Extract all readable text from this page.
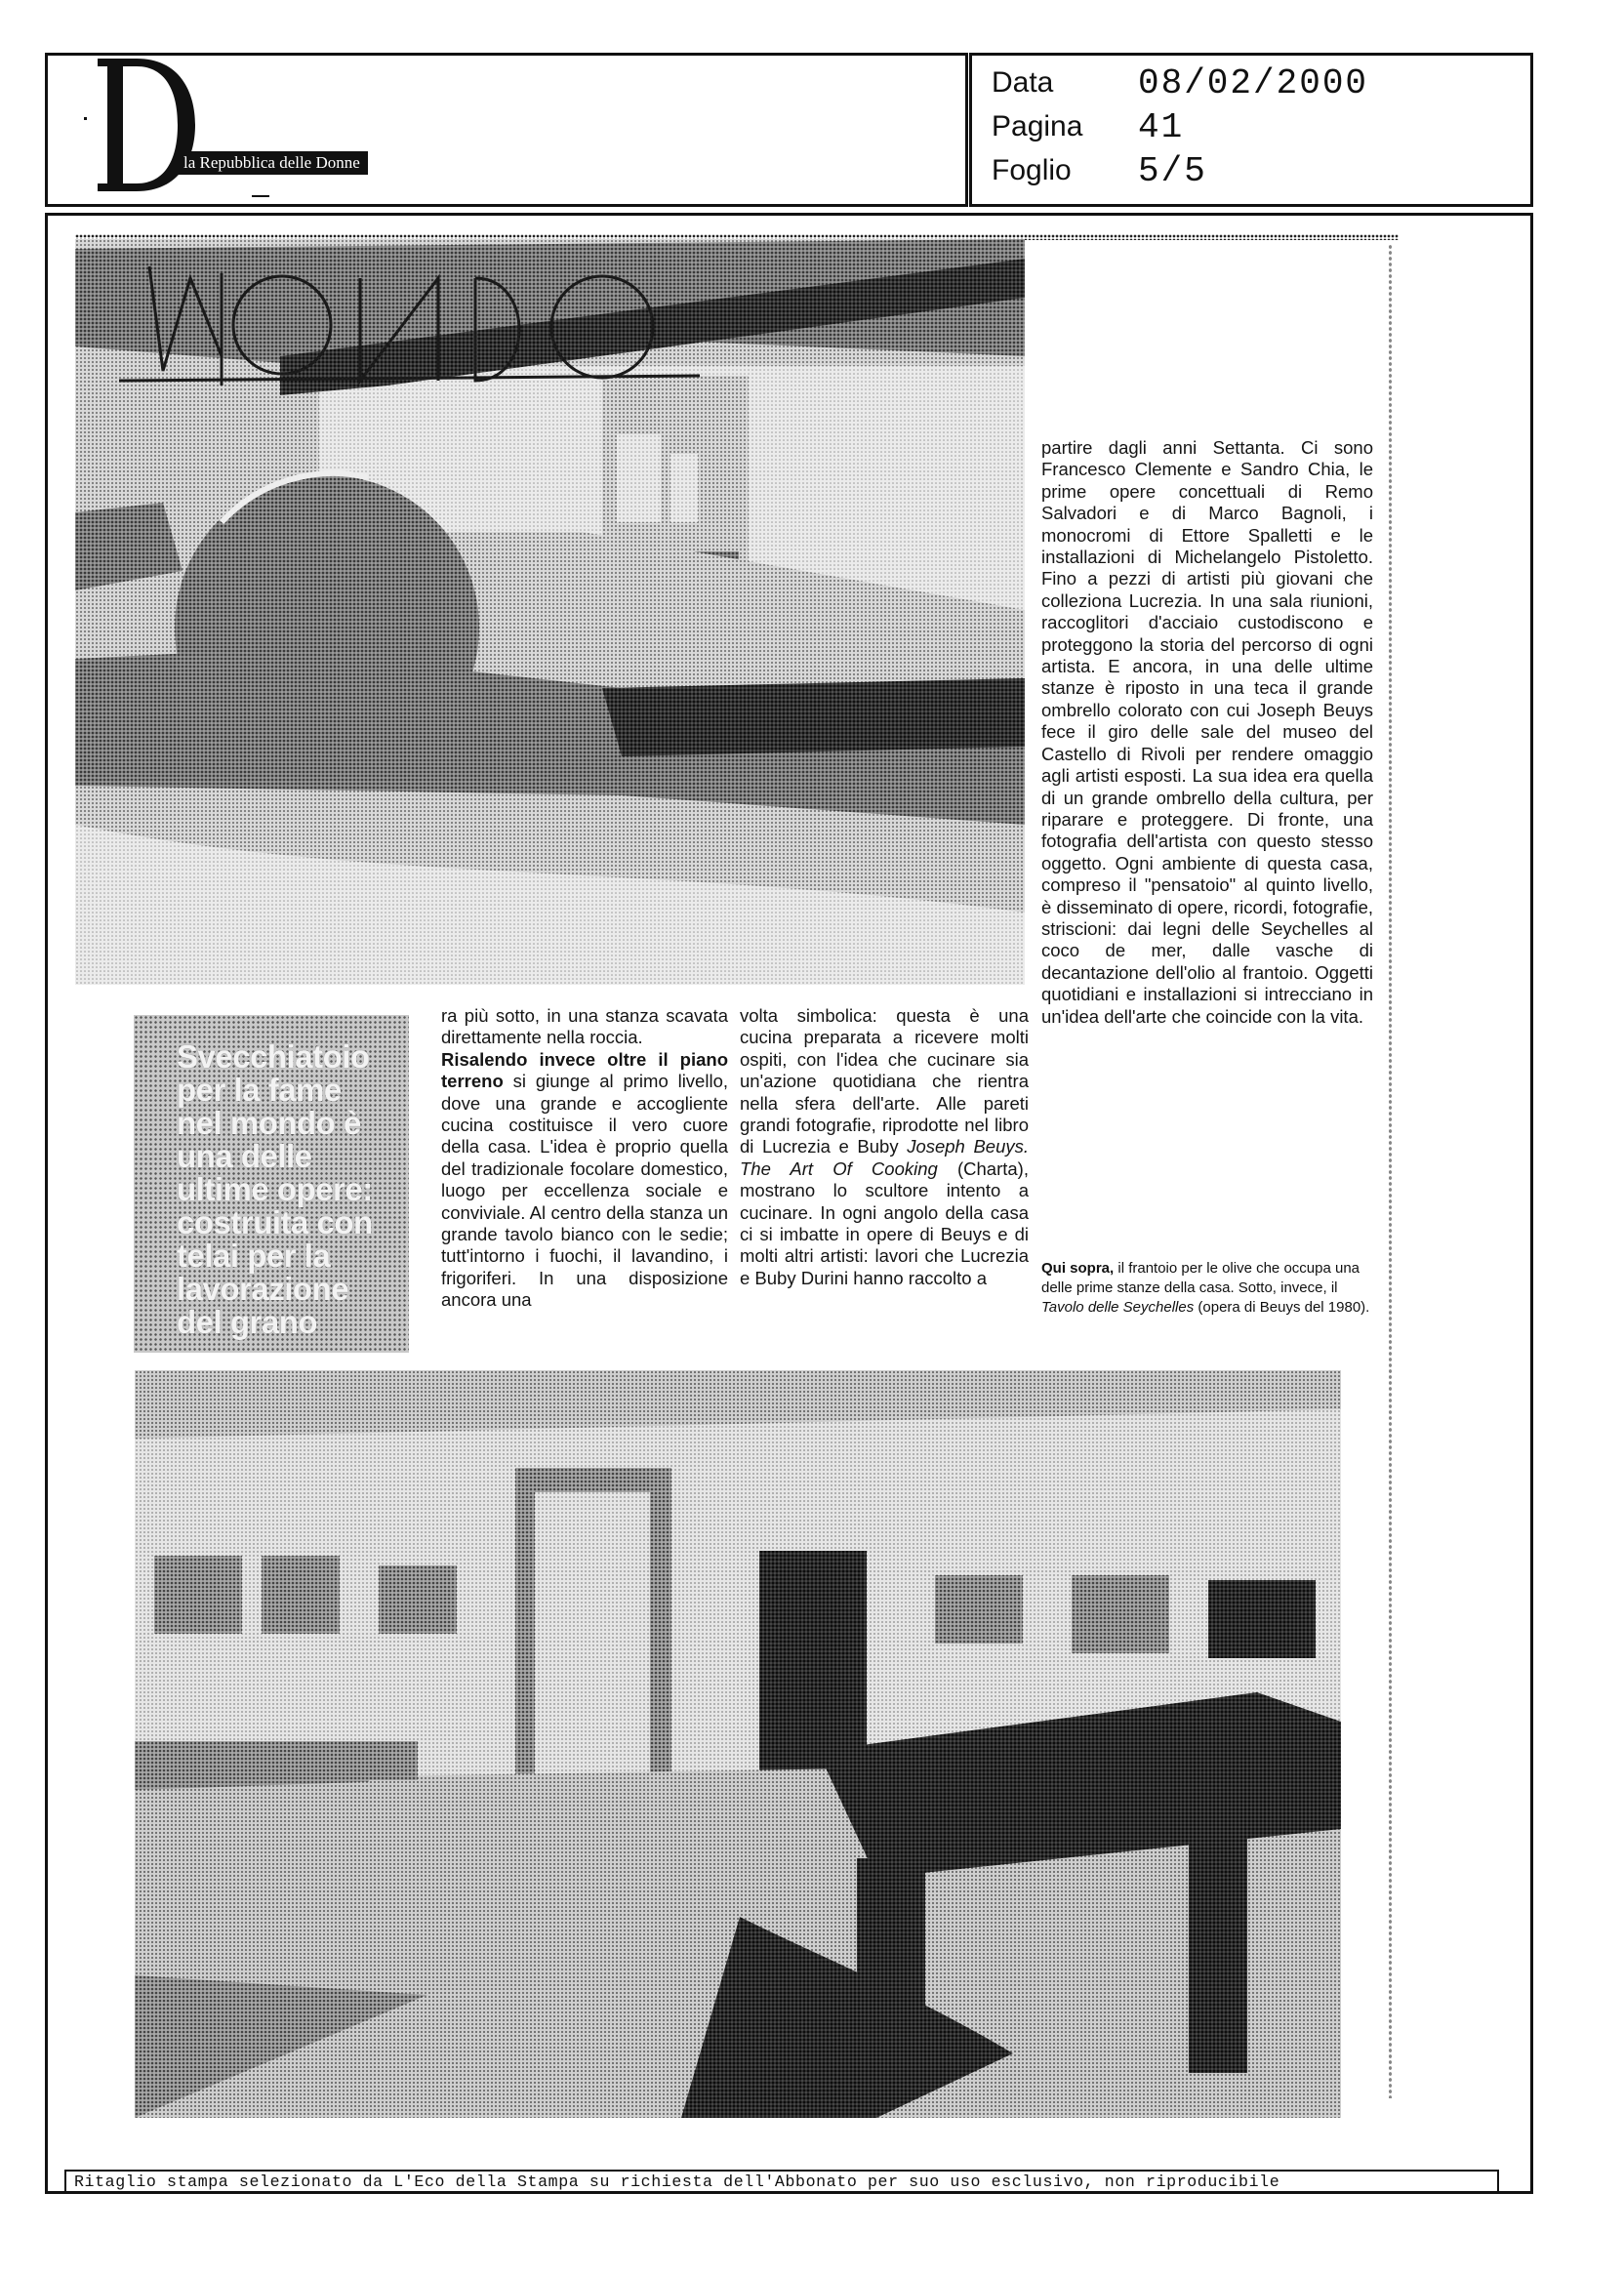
la Repubblica delle Donne
Data	08/02/2000
Pagina	41
Foglio	5/5

partire dagli anni Settanta. Ci sono Francesco Clemente e Sandro Chia, le prime opere concettuali di Remo Salvadori e di Marco Bagnoli, i monocromi di Ettore Spalletti e le installazioni di Michelangelo Pistoletto. Fino a pezzi di artisti più giovani che colleziona Lucrezia. In una sala riunioni, raccoglitori d'acciaio custodiscono e proteggono la storia del percorso di ogni artista. E ancora, in una delle ultime stanze è riposto in una teca il grande ombrello colorato con cui Joseph Beuys fece il giro delle sale del museo del Castello di Rivoli per rendere omaggio agli artisti esposti. La sua idea era quella di un grande ombrello della cultura, per riparare e proteggere. Di fronte, una fotografia dell'artista con questo stesso oggetto. Ogni ambiente di questa casa, compreso il "pensatoio" al quinto livello, è disseminato di opere, ricordi, fotografie, striscioni: dai legni delle Seychelles al coco de mer, dalle vasche di decantazione dell'olio al frantoio. Oggetti quotidiani e installazioni si intrecciano in un'idea dell'arte che coincide con la vita.

Qui sopra, il frantoio per le olive che occupa una delle prime stanze della casa. Sotto, invece, il Tavolo delle Seychelles (opera di Beuys del 1980).

Svecchiatoio per la fame nel mondo è una delle ultime opere: costruita con telai per la lavorazione del grano

ra più sotto, in una stanza scavata direttamente nella roccia.
Risalendo invece oltre il piano terreno si giunge al primo livello, dove una grande e accogliente cucina costituisce il vero cuore della casa. L'idea è proprio quella del tradizionale focolare domestico, luogo per eccellenza sociale e conviviale. Al centro della stanza un grande tavolo bianco con le sedie; tutt'intorno i fuochi, il lavandino, i frigoriferi. In una disposizione ancora una

volta simbolica: questa è una cucina preparata a ricevere molti ospiti, con l'idea che cucinare sia un'azione quotidiana che rientra nella sfera dell'arte. Alle pareti grandi fotografie, riprodotte nel libro di Lucrezia e Buby Joseph Beuys. The Art Of Cooking (Charta), mostrano lo scultore intento a cucinare. In ogni angolo della casa ci si imbatte in opere di Beuys e di molti altri artisti: lavori che Lucrezia e Buby Durini hanno raccolto a

Ritaglio stampa selezionato da L'Eco della Stampa su richiesta dell'Abbonato per suo uso esclusivo, non riproducibile
